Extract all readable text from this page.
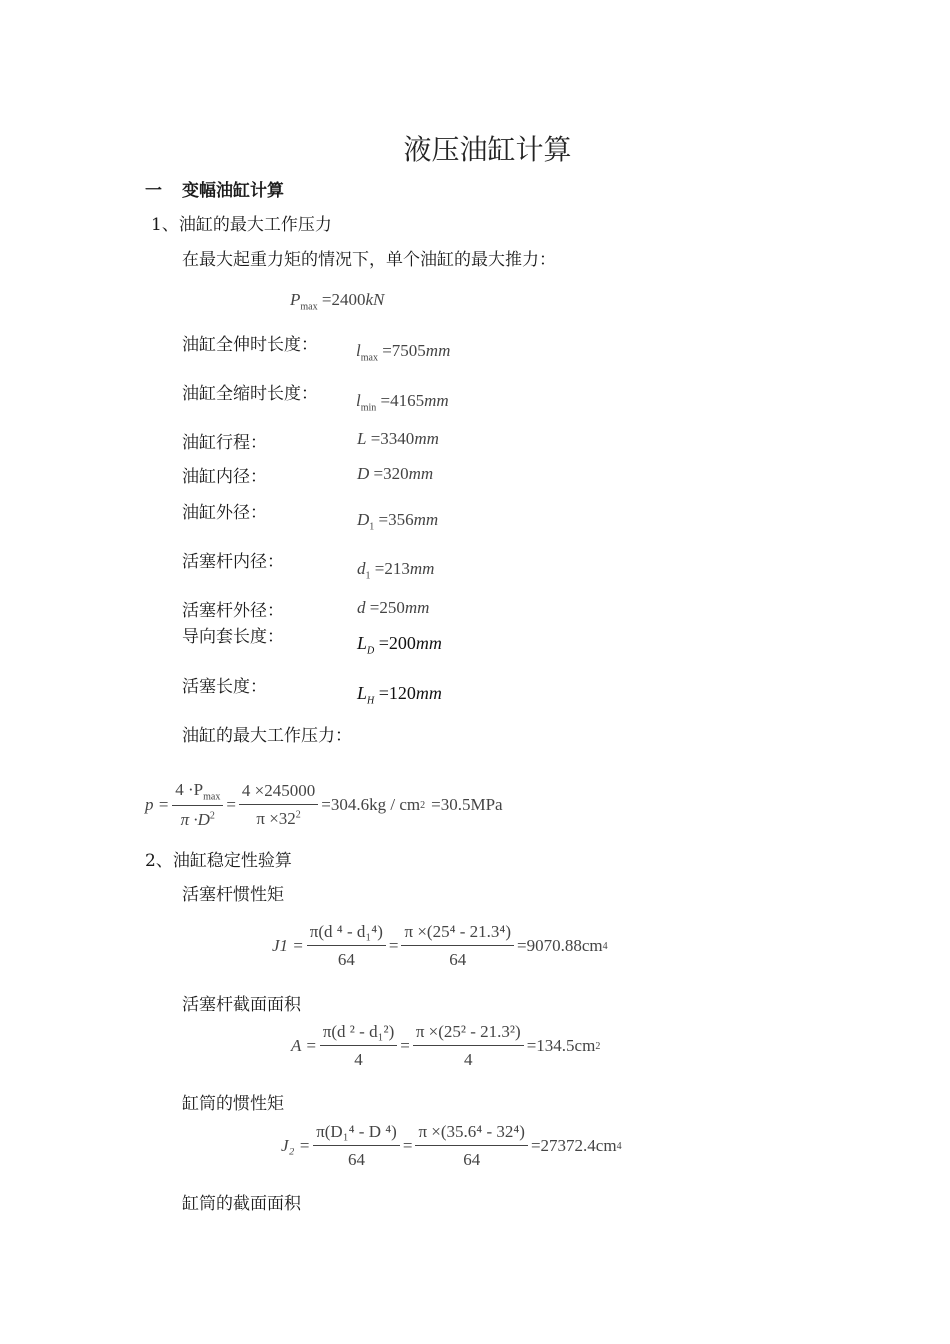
液压油缸计算
一 变幅油缸计算
1、油缸的最大工作压力
在最大起重力矩的情况下，单个油缸的最大推力：
$P_{max} =2400kN$
油缸全伸时长度： $l_{max} =7505mm$
油缸全缩时长度： $l_{min} =4165mm$
油缸行程：	L =3340mm
油缸内径：	D =320mm
油缸外径：	$D_1 =356mm$
活塞杆内径：	$d_1 =213mm$
活塞杆外径：	d =250mm
导向套长度：	$L_D =200mm$
活塞长度：	$L_H =120mm$
油缸的最大工作压力：
$p = \frac{4 \cdot P_{max}}{\pi \cdot D^2} = \frac{4 \times 245000}{\pi \times 32^2} =304.6kg$ / cm 2 =30.5MPa
2、油缸稳定性验算
活塞杆惯性矩
$J1 = \frac{\text{π(d ⁴ - d₁⁴)}}{64} = \frac{\text{π ×(25⁴ - 21.3⁴)}}{64} =9070.88cm$ 4
活塞杆截面面积
$A = \frac{\text{π(d ² - d₁²)}}{4} = \frac{\text{π ×(25² - 21.3²)}}{4} =134.5cm$ 2
缸筒的惯性矩
$J_2 = \frac{\text{π(D₁⁴ - D ⁴)}}{64} = \frac{\text{π ×(35.6⁴ - 32⁴)}}{64} =27372.4cm$ 4
缸筒的截面面积
